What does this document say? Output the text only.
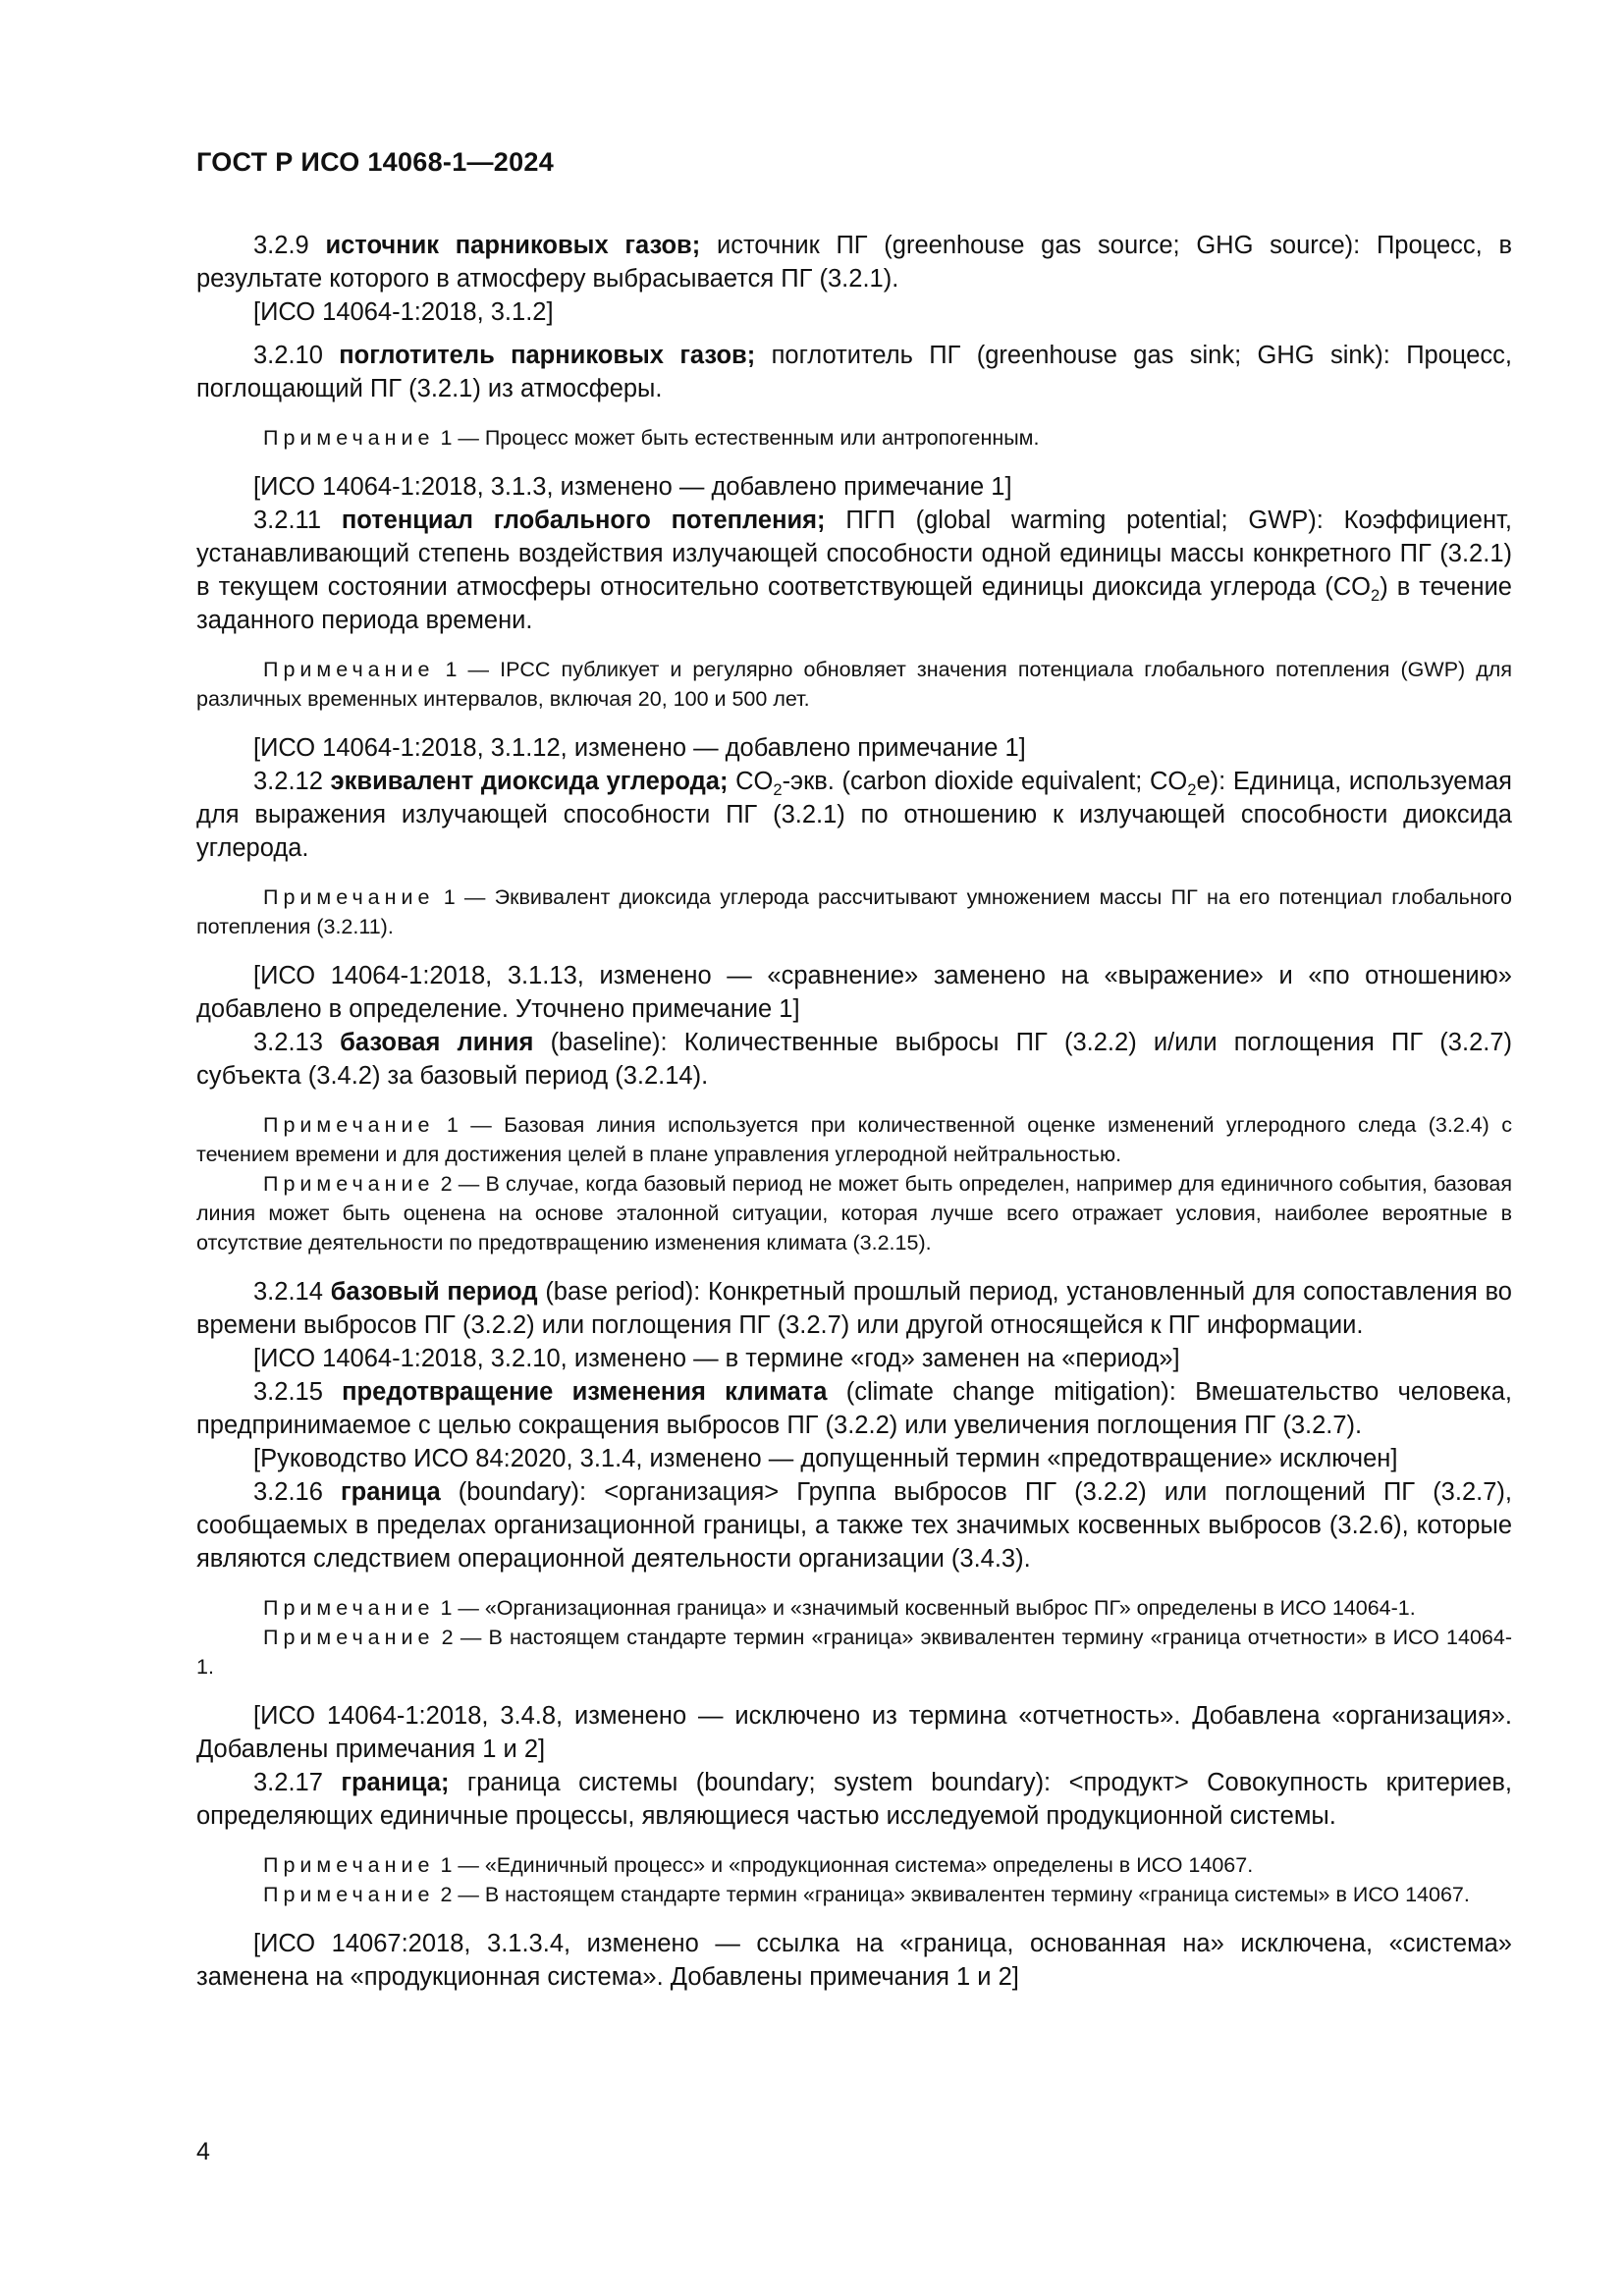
ГОСТ Р ИСО 14068-1—2024

3.2.9 источник парниковых газов; источник ПГ (greenhouse gas source; GHG source): Процесс, в результате которого в атмосферу выбрасывается ПГ (3.2.1).

[ИСО 14064-1:2018, 3.1.2]

3.2.10 поглотитель парниковых газов; поглотитель ПГ (greenhouse gas sink; GHG sink): Процесс, поглощающий ПГ (3.2.1) из атмосферы.

Примечание 1 — Процесс может быть естественным или антропогенным.

[ИСО 14064-1:2018, 3.1.3, изменено — добавлено примечание 1]

3.2.11 потенциал глобального потепления; ПГП (global warming potential; GWP): Коэффициент, устанавливающий степень воздействия излучающей способности одной единицы массы конкретного ПГ (3.2.1) в текущем состоянии атмосферы относительно соответствующей единицы диоксида углерода $(CO_2)$ в течение заданного периода времени.

Примечание 1 — IPCC публикует и регулярно обновляет значения потенциала глобального потепления (GWP) для различных временных интервалов, включая 20, 100 и 500 лет.

[ИСО 14064-1:2018, 3.1.12, изменено — добавлено примечание 1]

3.2.12 эквивалент диоксида углерода; $CO_2$-экв. (carbon dioxide equivalent; $CO_2e$): Единица, используемая для выражения излучающей способности ПГ (3.2.1) по отношению к излучающей способности диоксида углерода.

Примечание 1 — Эквивалент диоксида углерода рассчитывают умножением массы ПГ на его потенциал глобального потепления (3.2.11).

[ИСО 14064-1:2018, 3.1.13, изменено — «сравнение» заменено на «выражение» и «по отношению» добавлено в определение. Уточнено примечание 1]

3.2.13 базовая линия (baseline): Количественные выбросы ПГ (3.2.2) и/или поглощения ПГ (3.2.7) субъекта (3.4.2) за базовый период (3.2.14).

Примечание 1 — Базовая линия используется при количественной оценке изменений углеродного следа (3.2.4) с течением времени и для достижения целей в плане управления углеродной нейтральностью.

Примечание 2 — В случае, когда базовый период не может быть определен, например для единичного события, базовая линия может быть оценена на основе эталонной ситуации, которая лучше всего отражает условия, наиболее вероятные в отсутствие деятельности по предотвращению изменения климата (3.2.15).

3.2.14 базовый период (base period): Конкретный прошлый период, установленный для сопоставления во времени выбросов ПГ (3.2.2) или поглощения ПГ (3.2.7) или другой относящейся к ПГ информации.

[ИСО 14064-1:2018, 3.2.10, изменено — в термине «год» заменен на «период»]

3.2.15 предотвращение изменения климата (climate change mitigation): Вмешательство человека, предпринимаемое с целью сокращения выбросов ПГ (3.2.2) или увеличения поглощения ПГ (3.2.7).

[Руководство ИСО 84:2020, 3.1.4, изменено — допущенный термин «предотвращение» исключен]

3.2.16 граница (boundary): <организация> Группа выбросов ПГ (3.2.2) или поглощений ПГ (3.2.7), сообщаемых в пределах организационной границы, а также тех значимых косвенных выбросов (3.2.6), которые являются следствием операционной деятельности организации (3.4.3).

Примечание 1 — «Организационная граница» и «значимый косвенный выброс ПГ» определены в ИСО 14064-1.

Примечание 2 — В настоящем стандарте термин «граница» эквивалентен термину «граница отчетности» в ИСО 14064-1.

[ИСО 14064-1:2018, 3.4.8, изменено — исключено из термина «отчетность». Добавлена «организация». Добавлены примечания 1 и 2]

3.2.17 граница; граница системы (boundary; system boundary): <продукт> Совокупность критериев, определяющих единичные процессы, являющиеся частью исследуемой продукционной системы.

Примечание 1 — «Единичный процесс» и «продукционная система» определены в ИСО 14067.

Примечание 2 — В настоящем стандарте термин «граница» эквивалентен термину «граница системы» в ИСО 14067.

[ИСО 14067:2018, 3.1.3.4, изменено — ссылка на «граница, основанная на» исключена, «система» заменена на «продукционная система». Добавлены примечания 1 и 2]

4
